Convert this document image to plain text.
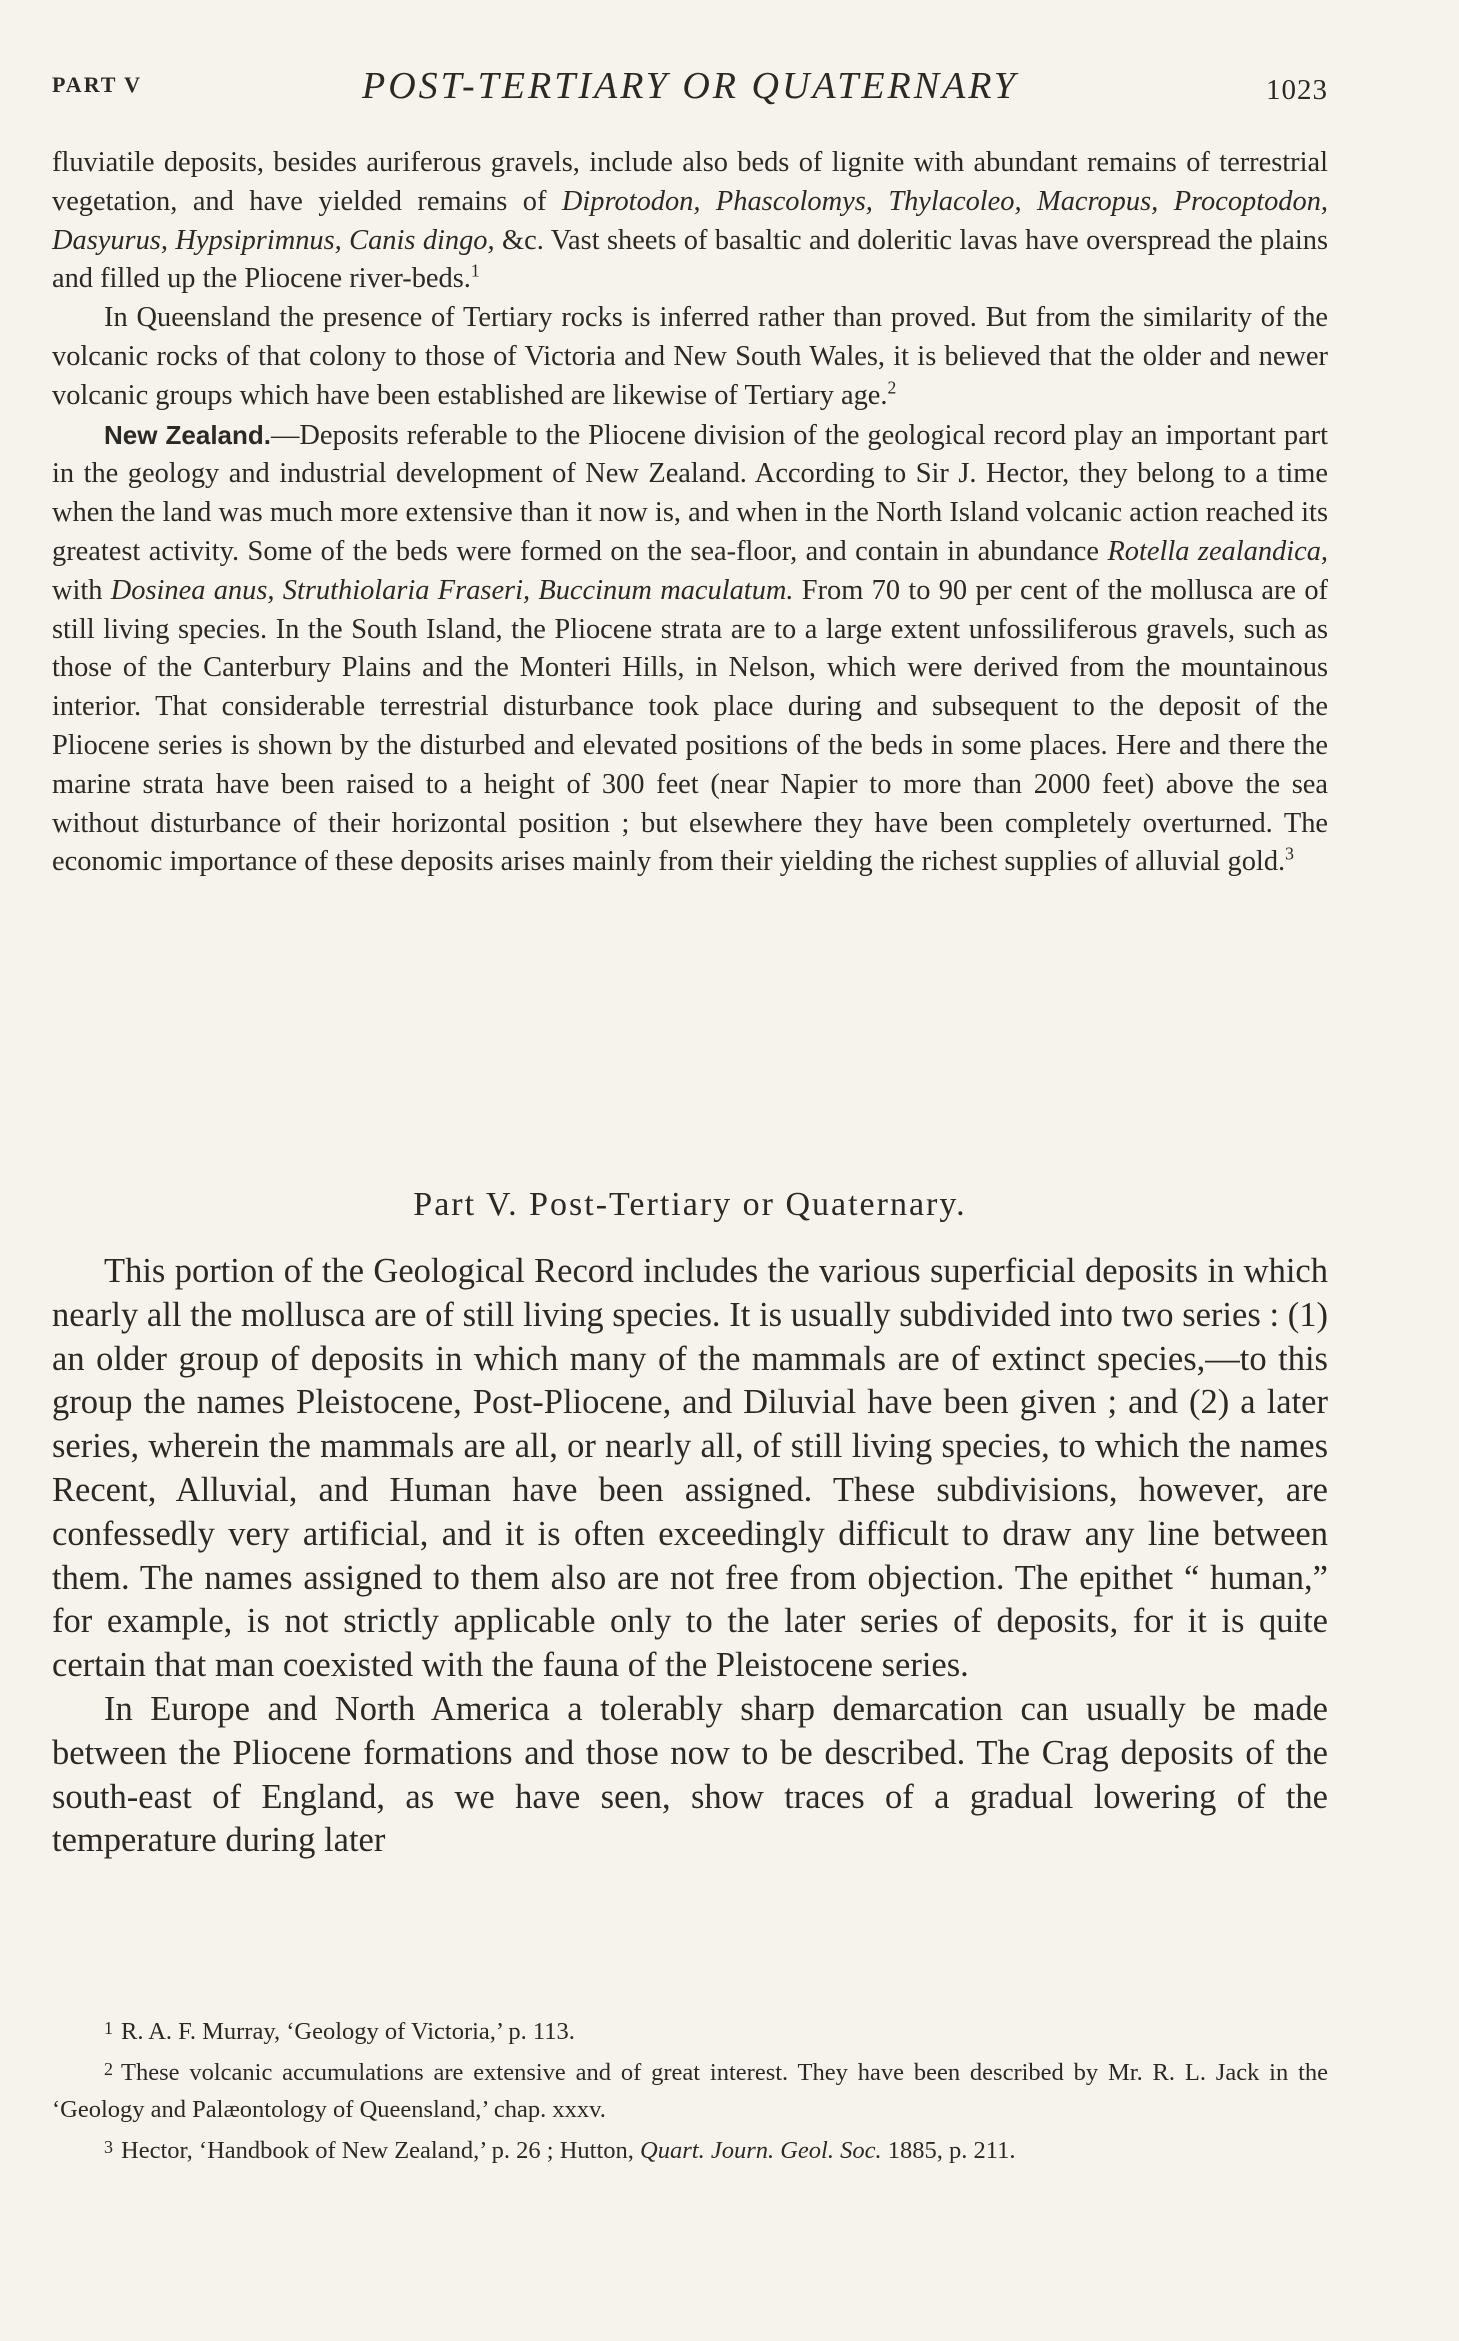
PART V	POST-TERTIARY OR QUATERNARY	1023

fluviatile deposits, besides auriferous gravels, include also beds of lignite with abundant remains of terrestrial vegetation, and have yielded remains of Diprotodon, Phascolomys, Thylacoleo, Macropus, Procoptodon, Dasyurus, Hypsiprimnus, Canis dingo, &c. Vast sheets of basaltic and doleritic lavas have overspread the plains and filled up the Pliocene river-beds.$^1$

In Queensland the presence of Tertiary rocks is inferred rather than proved. But from the similarity of the volcanic rocks of that colony to those of Victoria and New South Wales, it is believed that the older and newer volcanic groups which have been established are likewise of Tertiary age.$^2$

New Zealand.—Deposits referable to the Pliocene division of the geological record play an important part in the geology and industrial development of New Zealand. According to Sir J. Hector, they belong to a time when the land was much more extensive than it now is, and when in the North Island volcanic action reached its greatest activity. Some of the beds were formed on the sea-floor, and contain in abundance Rotella zealandica, with Dosinea anus, Struthiolaria Fraseri, Buccinum maculatum. From 70 to 90 per cent of the mollusca are of still living species. In the South Island, the Pliocene strata are to a large extent unfossiliferous gravels, such as those of the Canterbury Plains and the Monteri Hills, in Nelson, which were derived from the mountainous interior. That considerable terrestrial disturbance took place during and subsequent to the deposit of the Pliocene series is shown by the disturbed and elevated positions of the beds in some places. Here and there the marine strata have been raised to a height of 300 feet (near Napier to more than 2000 feet) above the sea without disturbance of their horizontal position ; but elsewhere they have been completely overturned. The economic importance of these deposits arises mainly from their yielding the richest supplies of alluvial gold.$^3$

Part V. Post-Tertiary or Quaternary.

This portion of the Geological Record includes the various superficial deposits in which nearly all the mollusca are of still living species. It is usually subdivided into two series : (1) an older group of deposits in which many of the mammals are of extinct species,—to this group the names Pleistocene, Post-Pliocene, and Diluvial have been given ; and (2) a later series, wherein the mammals are all, or nearly all, of still living species, to which the names Recent, Alluvial, and Human have been assigned. These subdivisions, however, are confessedly very artificial, and it is often exceedingly difficult to draw any line between them. The names assigned to them also are not free from objection. The epithet “ human,” for example, is not strictly applicable only to the later series of deposits, for it is quite certain that man coexisted with the fauna of the Pleistocene series.

In Europe and North America a tolerably sharp demarcation can usually be made between the Pliocene formations and those now to be described. The Crag deposits of the south-east of England, as we have seen, show traces of a gradual lowering of the temperature during later

$^1$ R. A. F. Murray, ‘Geology of Victoria,’ p. 113.

$^2$ These volcanic accumulations are extensive and of great interest. They have been described by Mr. R. L. Jack in the ‘Geology and Palæontology of Queensland,’ chap. xxxv.

$^3$ Hector, ‘Handbook of New Zealand,’ p. 26 ; Hutton, Quart. Journ. Geol. Soc. 1885, p. 211.
